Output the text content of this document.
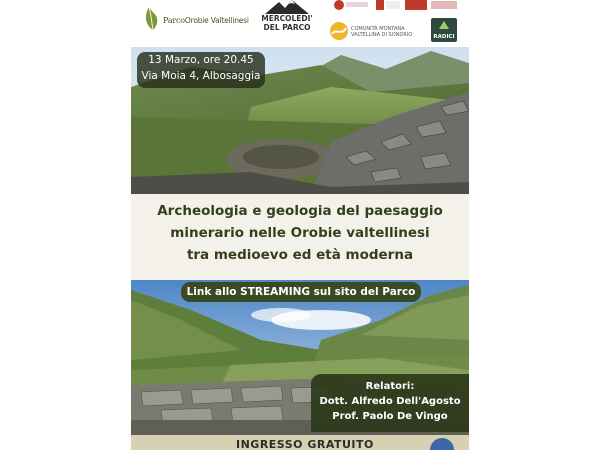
ParcoOrobie Valtellinesi	MERCOLEDI'
DEL PARCO	COMUNITÀ MONTANA
VALTELLINA DI SONDRIO	RADICI
13 Marzo, ore 20.45
Via Moia 4, Albosaggia
Archeologia e geologia del paesaggio
minerario nelle Orobie valtellinesi
tra medioevo ed età moderna
Link allo STREAMING sul sito del Parco
Relatori:
Dott. Alfredo Dell'Agosto
Prof. Paolo De Vingo
INGRESSO GRATUITO
